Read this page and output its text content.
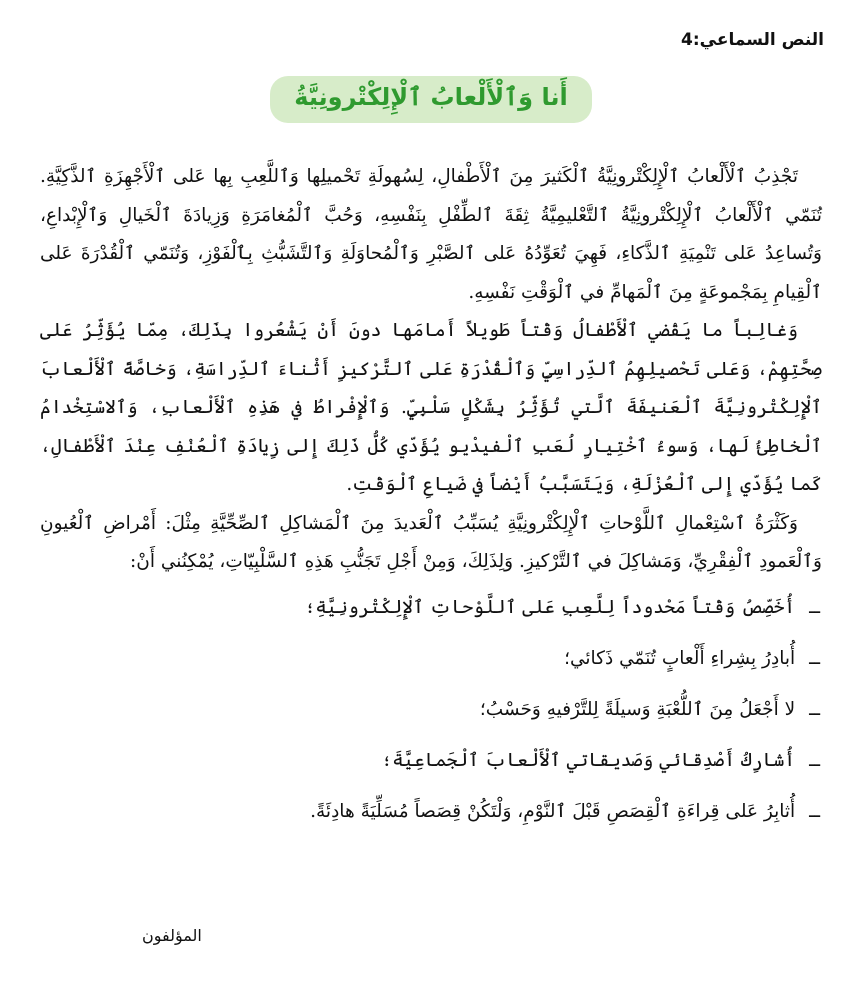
النص السماعي:4
أَنا وَٱلْأَلْعابُ ٱلْإِلِكْتْرونِيَّةُ

تَجْذِبُ ٱلْأَلْعابُ ٱلْإِلِكْتْرونِيَّةُ ٱلْكَثيرَ مِنَ ٱلْأَطْفالِ، لِسُهولَةِ تَحْميلِها وَٱللَّعِبِ بِها عَلى ٱلْأَجْهِزَةِ ٱلذَّكِيَّةِ. تُنَمّي ٱلْأَلْعابُ ٱلْإِلِكْتْرونِيَّةُ ٱلتَّعْليمِيَّةُ ثِقَةَ ٱلطِّفْلِ بِنَفْسِهِ، وَحُبَّ ٱلْمُغامَرَةِ وَزِيادَةَ ٱلْخَيالِ وَٱلْإِبْداعِ، وَتُساعِدُ عَلى تَنْمِيَةِ ٱلذَّكاءِ، فَهِيَ تُعَوِّدُهُ عَلى ٱلصَّبْرِ وَٱلْمُحاوَلَةِ وَٱلتَّشَبُّثِ بِٱلْفَوْزِ، وَتُنَمّي ٱلْقُدْرَةَ عَلى ٱلْقِيامِ بِمَجْموعَةٍ مِنَ ٱلْمَهامِّ في ٱلْوَقْتِ نَفْسِهِ.

وَغالِباً ما يَقْضي ٱلْأَطْفالُ وَقْتاً طَويلاً أَمامَها دونَ أَنْ يَشْعُروا بِذَلِكَ، مِمّا يُؤَثِّرُ عَلى صِحَّتِهِمْ، وَعَلى تَحْصيلِهِمُ ٱلدِّراسِيِّ وَٱلْقُدْرَةِ عَلى ٱلتَّرْكيزِ أَثْناءَ ٱلدِّراسَةِ، وَخاصَّةً ٱلْأَلْعابَ ٱلْإِلِكْتْرونِيَّةَ ٱلْعَنيفَةَ ٱلَّتي تُؤَثِّرُ بِشَكْلٍ سَلْبِيٍّ. وَٱلْإِفْراطُ في هَذِهِ ٱلْأَلْعابِ، وَٱلاسْتِخْدامُ ٱلْخاطِئُ لَها، وَسوءُ ٱخْتِيارِ لُعَبِ ٱلْفيدْيو يُؤَدّي كُلُّ ذَلِكَ إِلى زِيادَةِ ٱلْعُنْفِ عِنْدَ ٱلْأَطْفالِ، كَما يُؤَدّي إِلى ٱلْعُزْلَةِ، وَيَتَسَبَّبُ أَيْضاً في ضَياعِ ٱلْوَقْتِ.

وَكَثْرَةُ ٱسْتِعْمالِ ٱللَّوْحاتِ ٱلْإِلِكْتْرونِيَّةِ يُسَبِّبُ ٱلْعَديدَ مِنَ ٱلْمَشاكِلِ ٱلصِّحِّيَّةِ مِثْلَ: أَمْراضِ ٱلْعُيونِ وَٱلْعَمودِ ٱلْفِقْرِيِّ، وَمَشاكِلَ في ٱلتَّرْكيزِ. وَلِذَلِكَ، وَمِنْ أَجْلِ تَجَنُّبِ هَذِهِ ٱلسَّلْبِيّاتِ، يُمْكِنُني أَنْ:

ــأُخَصِّصُ وَقْتاً مَحْدوداً لِلَّعِبِ عَلى ٱللَّوْحاتِ ٱلْإِلِكْتْرونِيَّةِ؛
ــأُبادِرُ بِشِراءِ أَلْعابٍ تُنَمّي ذَكائي؛
ــلا أَجْعَلُ مِنَ ٱللُّعْبَةِ وَسيلَةً لِلتَّرْفيهِ وَحَسْبُ؛
ــأُشارِكُ أَصْدِقائي وَصَديقاتي ٱلْأَلْعابَ ٱلْجَماعِيَّةَ؛
ــأُثابِرُ عَلى قِراءَةِ ٱلْقِصَصِ قَبْلَ ٱلنَّوْمِ، وَلْتَكُنْ قِصَصاً مُسَلِّيَةً هادِئَةً.
المؤلفون
